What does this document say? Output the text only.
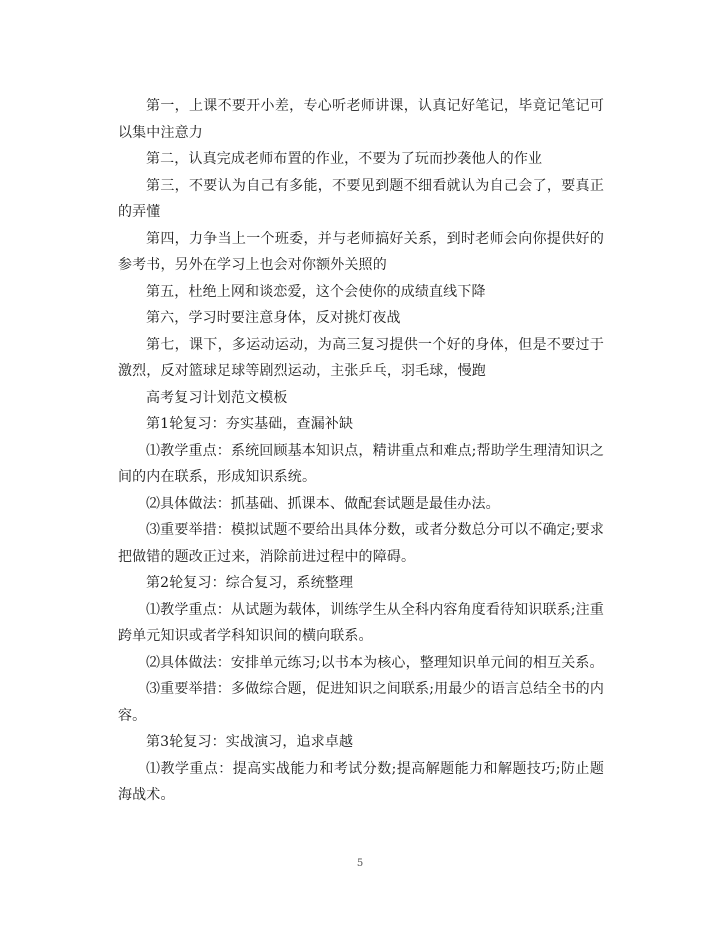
第一，上课不要开小差，专心听老师讲课，认真记好笔记，毕竟记笔记可以集中注意力

第二，认真完成老师布置的作业，不要为了玩而抄袭他人的作业

第三，不要认为自己有多能，不要见到题不细看就认为自己会了，要真正的弄懂

第四，力争当上一个班委，并与老师搞好关系，到时老师会向你提供好的参考书，另外在学习上也会对你额外关照的

第五，杜绝上网和谈恋爱，这个会使你的成绩直线下降

第六，学习时要注意身体，反对挑灯夜战

第七，课下，多运动运动，为高三复习提供一个好的身体，但是不要过于激烈，反对篮球足球等剧烈运动，主张乒乓，羽毛球，慢跑

高考复习计划范文模板

第1轮复习：夯实基础，查漏补缺

⑴教学重点：系统回顾基本知识点，精讲重点和难点;帮助学生理清知识之间的内在联系，形成知识系统。

⑵具体做法：抓基础、抓课本、做配套试题是最佳办法。

⑶重要举措：模拟试题不要给出具体分数，或者分数总分可以不确定;要求把做错的题改正过来，消除前进过程中的障碍。

第2轮复习：综合复习，系统整理

⑴教学重点：从试题为载体，训练学生从全科内容角度看待知识联系;注重跨单元知识或者学科知识间的横向联系。

⑵具体做法：安排单元练习;以书本为核心，整理知识单元间的相互关系。

⑶重要举措：多做综合题，促进知识之间联系;用最少的语言总结全书的内容。

第3轮复习：实战演习，追求卓越

⑴教学重点：提高实战能力和考试分数;提高解题能力和解题技巧;防止题海战术。

5
